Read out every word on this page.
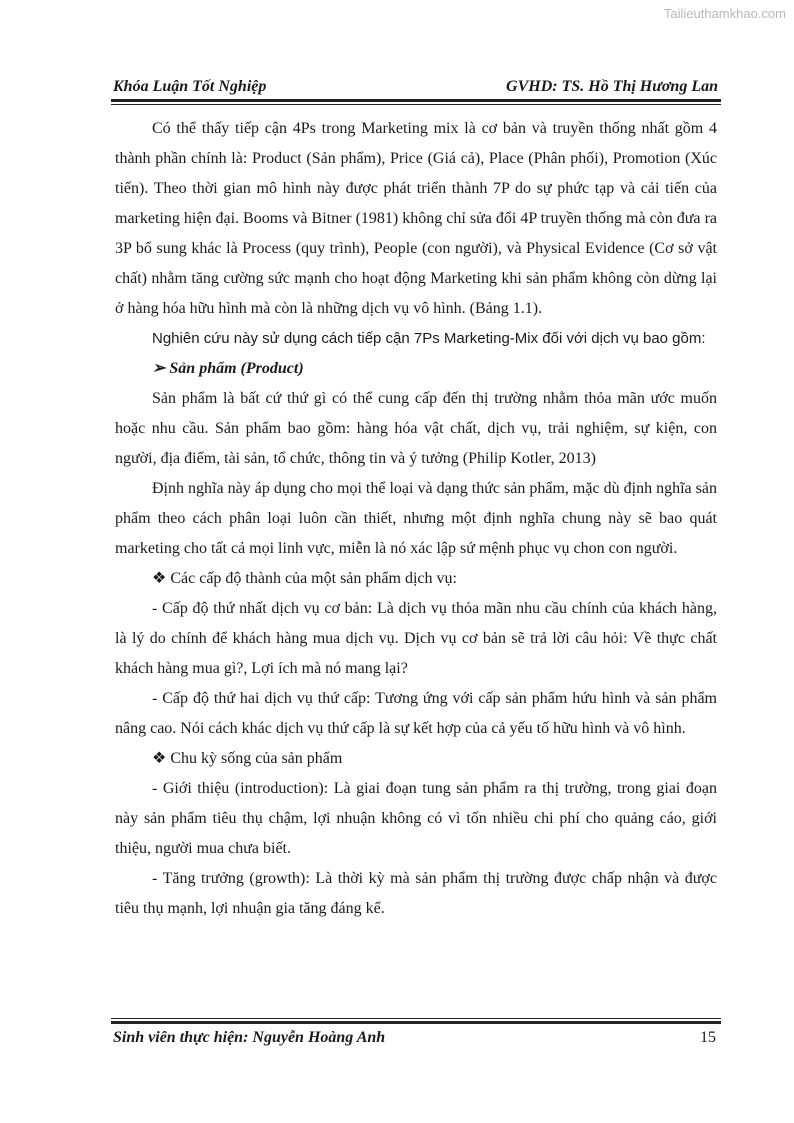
Tailieuthamkhao.com
Khóa Luận Tốt Nghiệp	GVHD: TS. Hồ Thị Hương Lan

Có thể thấy tiếp cận 4Ps trong Marketing mix là cơ bản và truyền thống nhất gồm 4 thành phần chính là: Product (Sản phẩm), Price (Giá cả), Place (Phân phối), Promotion (Xúc tiến). Theo thời gian mô hình này được phát triển thành 7P do sự phức tạp và cải tiến của marketing hiện đại. Booms và Bitner (1981) không chỉ sửa đổi 4P truyền thống mà còn đưa ra 3P bổ sung khác là Process (quy trình), People (con người), và Physical Evidence (Cơ sở vật chất) nhằm tăng cường sức mạnh cho hoạt động Marketing khi sản phẩm không còn dừng lại ở hàng hóa hữu hình mà còn là những dịch vụ vô hình. (Bảng 1.1).

Nghiên cứu này sử dụng cách tiếp cận 7Ps Marketing-Mix đối với dịch vụ bao gồm:

➢ Sản phẩm (Product)

Sản phẩm là bất cứ thứ gì có thể cung cấp đến thị trường nhằm thỏa mãn ước muốn hoặc nhu cầu. Sản phẩm bao gồm: hàng hóa vật chất, dịch vụ, trải nghiệm, sự kiện, con người, địa điểm, tài sản, tổ chức, thông tin và ý tưởng (Philip Kotler, 2013)

Định nghĩa này áp dụng cho mọi thể loại và dạng thức sản phẩm, mặc dù định nghĩa sản phẩm theo cách phân loại luôn cần thiết, nhưng một định nghĩa chung này sẽ bao quát marketing cho tất cả mọi linh vực, miễn là nó xác lập sứ mệnh phục vụ chon con người.

❖ Các cấp độ thành của một sản phẩm dịch vụ:

- Cấp độ thứ nhất dịch vụ cơ bản: Là dịch vụ thỏa mãn nhu cầu chính của khách hàng, là lý do chính để khách hàng mua dịch vụ. Dịch vụ cơ bản sẽ trả lời câu hỏi: Về thực chất khách hàng mua gì?, Lợi ích mà nó mang lại?

- Cấp độ thứ hai dịch vụ thứ cấp: Tương ứng với cấp sản phẩm hứu hình và sản phẩm nâng cao. Nói cách khác dịch vụ thứ cấp là sự kết hợp của cả yếu tố hữu hình và vô hình.

❖ Chu kỳ sống của sản phẩm

- Giới thiệu (introduction): Là giai đoạn tung sản phẩm ra thị trường, trong giai đoạn này sản phẩm tiêu thụ chậm, lợi nhuận không có vì tốn nhiều chi phí cho quảng cáo, giới thiệu, người mua chưa biết.

- Tăng trưởng (growth): Là thời kỳ mà sản phẩm thị trường được chấp nhận và được tiêu thụ mạnh, lợi nhuận gia tăng đáng kể.

Sinh viên thực hiện: Nguyễn Hoàng Anh	15
